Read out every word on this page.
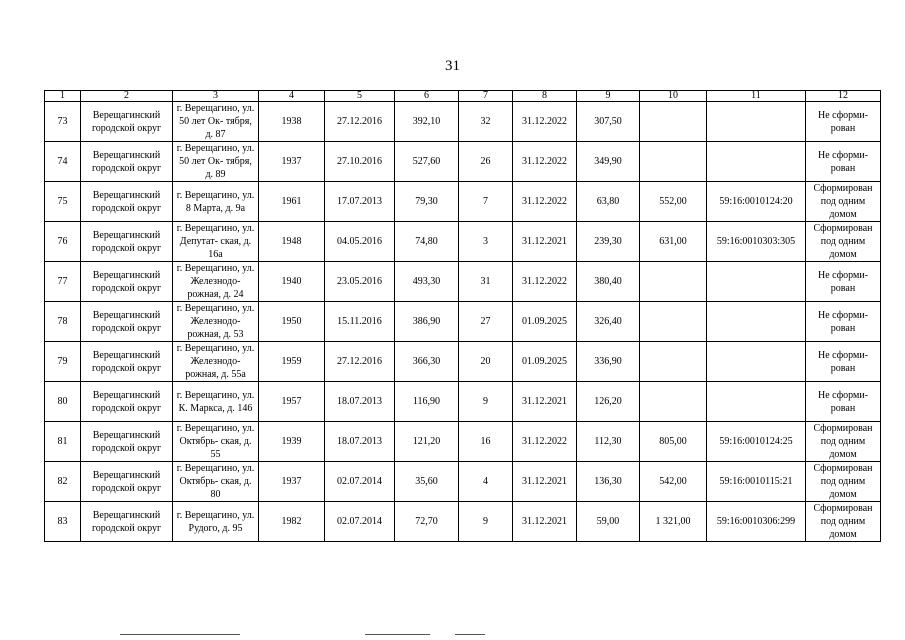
31
1	2	3	4	5	6	7	8	9	10	11	12
73	Верещагинский городской округ	г. Верещагино, ул. 50 лет Ок- тября, д. 87	1938	27.12.2016	392,10	32	31.12.2022	307,50			Не сформи- рован
74	Верещагинский городской округ	г. Верещагино, ул. 50 лет Ок- тября, д. 89	1937	27.10.2016	527,60	26	31.12.2022	349,90			Не сформи- рован
75	Верещагинский городской округ	г. Верещагино, ул. 8 Марта, д. 9а	1961	17.07.2013	79,30	7	31.12.2022	63,80	552,00	59:16:0010124:20	Сформирован под одним домом
76	Верещагинский городской округ	г. Верещагино, ул. Депутат- ская, д. 16а	1948	04.05.2016	74,80	3	31.12.2021	239,30	631,00	59:16:0010303:305	Сформирован под одним домом
77	Верещагинский городской округ	г. Верещагино, ул. Железнодо- рожная, д. 24	1940	23.05.2016	493,30	31	31.12.2022	380,40			Не сформи- рован
78	Верещагинский городской округ	г. Верещагино, ул. Железнодо- рожная, д. 53	1950	15.11.2016	386,90	27	01.09.2025	326,40			Не сформи- рован
79	Верещагинский городской округ	г. Верещагино, ул. Железнодо- рожная, д. 55а	1959	27.12.2016	366,30	20	01.09.2025	336,90			Не сформи- рован
80	Верещагинский городской округ	г. Верещагино, ул. К. Маркса, д. 146	1957	18.07.2013	116,90	9	31.12.2021	126,20			Не сформи- рован
81	Верещагинский городской округ	г. Верещагино, ул. Октябрь- ская, д. 55	1939	18.07.2013	121,20	16	31.12.2022	112,30	805,00	59:16:0010124:25	Сформирован под одним домом
82	Верещагинский городской округ	г. Верещагино, ул. Октябрь- ская, д. 80	1937	02.07.2014	35,60	4	31.12.2021	136,30	542,00	59:16:0010115:21	Сформирован под одним домом
83	Верещагинский городской округ	г. Верещагино, ул. Рудого, д. 95	1982	02.07.2014	72,70	9	31.12.2021	59,00	1 321,00	59:16:0010306:299	Сформирован под одним домом
